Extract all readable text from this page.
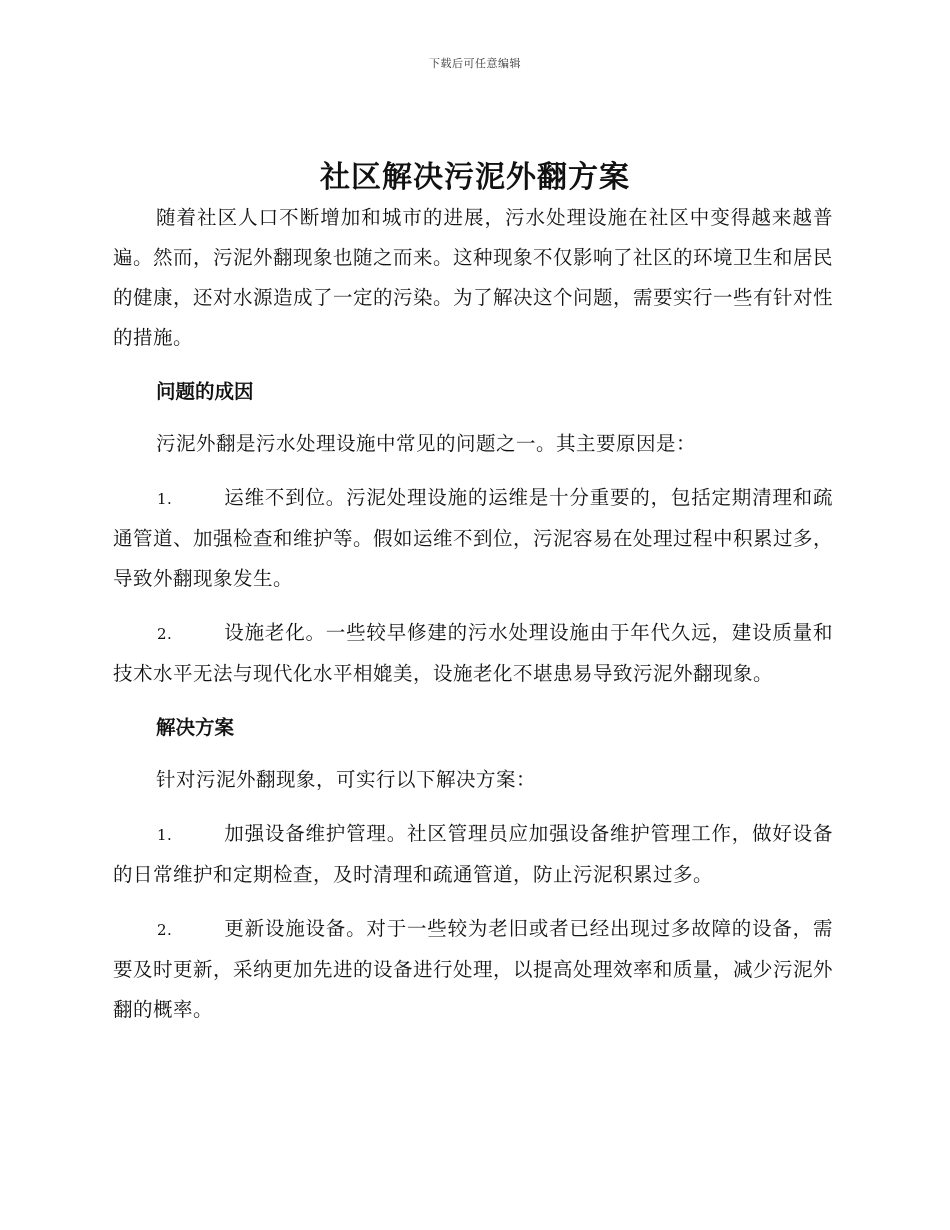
下载后可任意编辑
社区解决污泥外翻方案

随着社区人口不断增加和城市的进展，污水处理设施在社区中变得越来越普遍。然而，污泥外翻现象也随之而来。这种现象不仅影响了社区的环境卫生和居民的健康，还对水源造成了一定的污染。为了解决这个问题，需要实行一些有针对性的措施。

问题的成因

污泥外翻是污水处理设施中常见的问题之一。其主要原因是：

1.	运维不到位。污泥处理设施的运维是十分重要的，包括定期清理和疏通管道、加强检查和维护等。假如运维不到位，污泥容易在处理过程中积累过多，导致外翻现象发生。

2.	设施老化。一些较早修建的污水处理设施由于年代久远，建设质量和技术水平无法与现代化水平相媲美，设施老化不堪患易导致污泥外翻现象。

解决方案

针对污泥外翻现象，可实行以下解决方案：

1.	加强设备维护管理。社区管理员应加强设备维护管理工作，做好设备的日常维护和定期检查，及时清理和疏通管道，防止污泥积累过多。

2.	更新设施设备。对于一些较为老旧或者已经出现过多故障的设备，需要及时更新，采纳更加先进的设备进行处理，以提高处理效率和质量，减少污泥外翻的概率。
